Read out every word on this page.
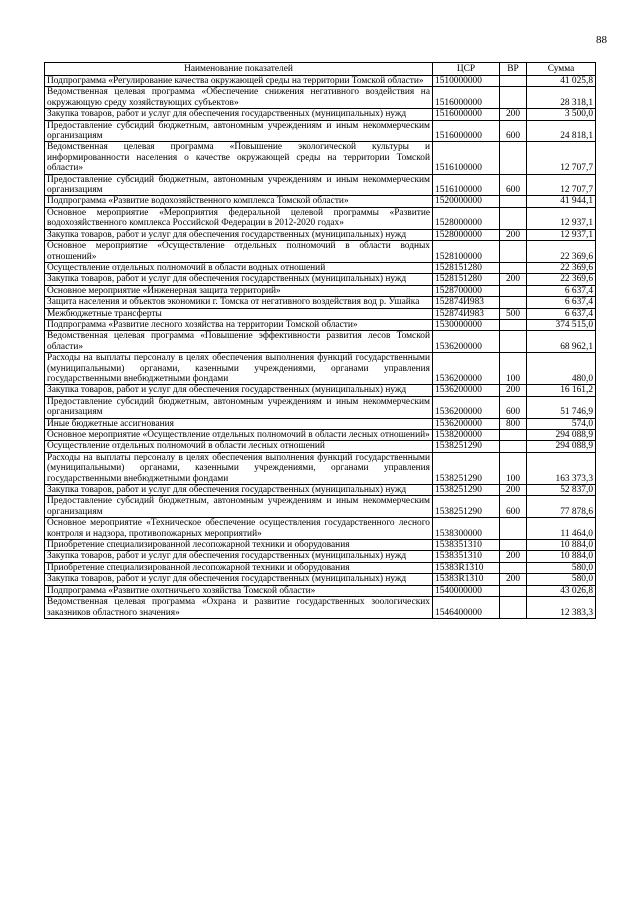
88
Наименование показателей	ЦСР	ВР	Сумма
Подпрограмма «Регулирование качества окружающей среды на территории Томской области»	1510000000		41 025,8
Ведомственная целевая программа «Обеспечение снижения негативного воздействия на окружающую среду хозяйствующих субъектов»	1516000000		28 318,1
Закупка товаров, работ и услуг для обеспечения государственных (муниципальных) нужд	1516000000	200	3 500,0
Предоставление субсидий бюджетным, автономным учреждениям и иным некоммерческим организациям	1516000000	600	24 818,1
Ведомственная целевая программа «Повышение экологической культуры и информированности населения о качестве окружающей среды на территории Томской области»	1516100000		12 707,7
Предоставление субсидий бюджетным, автономным учреждениям и иным некоммерческим организациям	1516100000	600	12 707,7
Подпрограмма «Развитие водохозяйственного комплекса Томской области»	1520000000		41 944,1
Основное мероприятие «Мероприятия федеральной целевой программы «Развитие водохозяйственного комплекса Российской Федерации в 2012-2020 годах»	1528000000		12 937,1
Закупка товаров, работ и услуг для обеспечения государственных (муниципальных) нужд	1528000000	200	12 937,1
Основное мероприятие «Осуществление отдельных полномочий в области водных отношений»	1528100000		22 369,6
Осуществление отдельных полномочий в области водных отношений	1528151280		22 369,6
Закупка товаров, работ и услуг для обеспечения государственных (муниципальных) нужд	1528151280	200	22 369,6
Основное мероприятие «Инженерная защита территорий»	1528700000		6 637,4
Защита населения и объектов экономики г. Томска от негативного воздействия вод р. Ушайка	152874И983		6 637,4
Межбюджетные трансферты	152874И983	500	6 637,4
Подпрограмма «Развитие лесного хозяйства на территории Томской области»	1530000000		374 515,0
Ведомственная целевая программа «Повышение эффективности развития лесов Томской области»	1536200000		68 962,1
Расходы на выплаты персоналу в целях обеспечения выполнения функций государственными (муниципальными) органами, казенными учреждениями, органами управления государственными внебюджетными фондами	1536200000	100	480,0
Закупка товаров, работ и услуг для обеспечения государственных (муниципальных) нужд	1536200000	200	16 161,2
Предоставление субсидий бюджетным, автономным учреждениям и иным некоммерческим организациям	1536200000	600	51 746,9
Иные бюджетные ассигнования	1536200000	800	574,0
Основное мероприятие «Осуществление отдельных полномочий в области лесных отношений»	1538200000		294 088,9
Осуществление отдельных полномочий в области лесных отношений	1538251290		294 088,9
Расходы на выплаты персоналу в целях обеспечения выполнения функций государственными (муниципальными) органами, казенными учреждениями, органами управления государственными внебюджетными фондами	1538251290	100	163 373,3
Закупка товаров, работ и услуг для обеспечения государственных (муниципальных) нужд	1538251290	200	52 837,0
Предоставление субсидий бюджетным, автономным учреждениям и иным некоммерческим организациям	1538251290	600	77 878,6
Основное мероприятие «Техническое обеспечение осуществления государственного лесного контроля и надзора, противопожарных мероприятий»	1538300000		11 464,0
Приобретение специализированной лесопожарной техники и оборудования	1538351310		10 884,0
Закупка товаров, работ и услуг для обеспечения государственных (муниципальных) нужд	1538351310	200	10 884,0
Приобретение специализированной лесопожарной техники и оборудования	15383R1310		580,0
Закупка товаров, работ и услуг для обеспечения государственных (муниципальных) нужд	15383R1310	200	580,0
Подпрограмма «Развитие охотничьего хозяйства Томской области»	1540000000		43 026,8
Ведомственная целевая программа «Охрана и развитие государственных зоологических заказников областного значения»	1546400000		12 383,3
